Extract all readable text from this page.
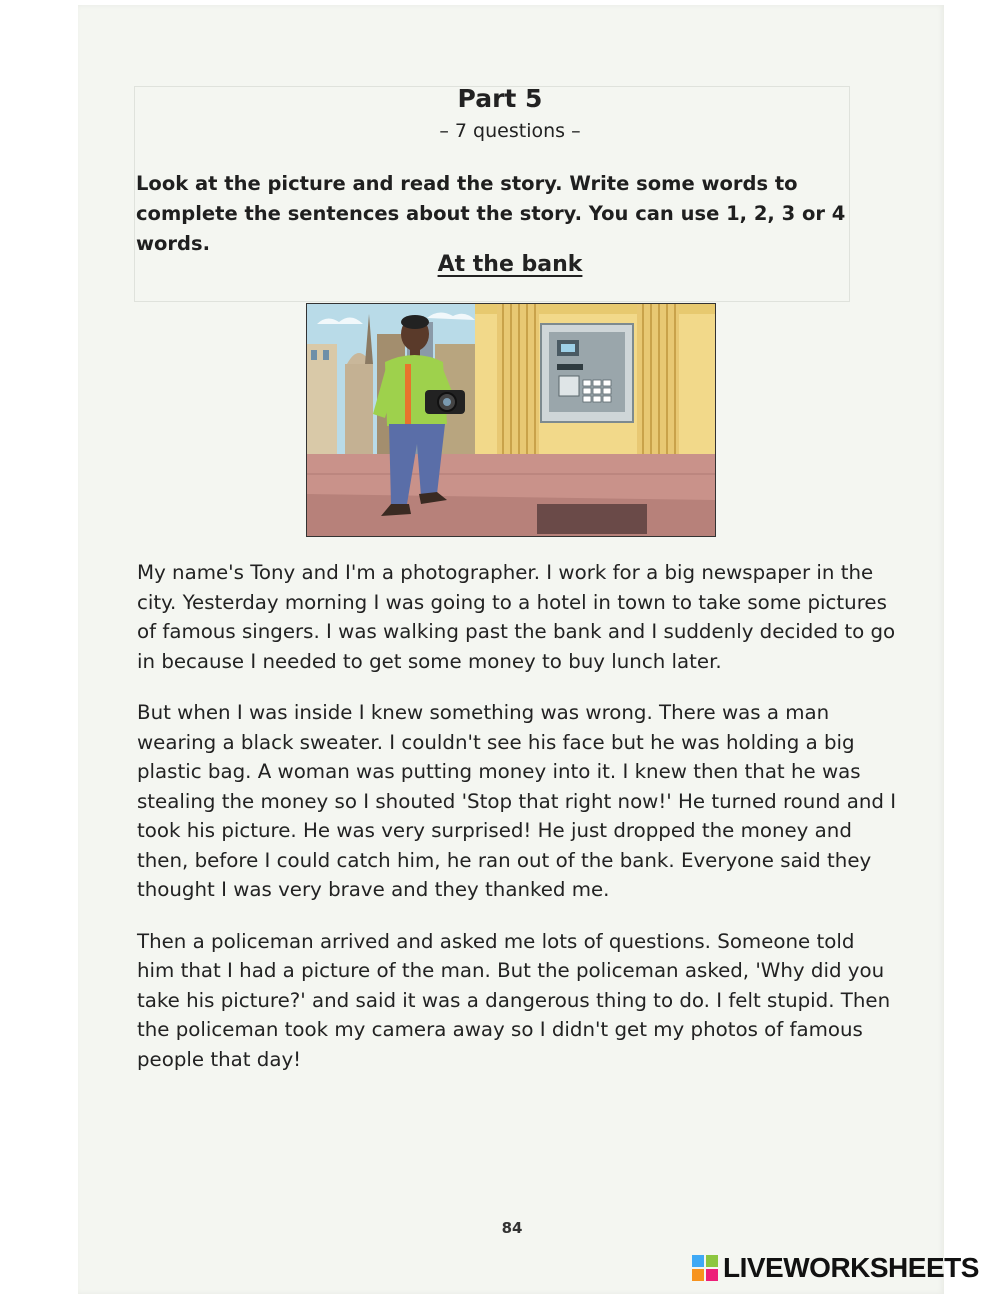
Part 5
– 7 questions –
Look at the picture and read the story. Write some words to complete the sentences about the story. You can use 1, 2, 3 or 4 words.
At the bank

My name's Tony and I'm a photographer. I work for a big newspaper in the city. Yesterday morning I was going to a hotel in town to take some pictures of famous singers. I was walking past the bank and I suddenly decided to go in because I needed to get some money to buy lunch later.

But when I was inside I knew something was wrong. There was a man wearing a black sweater. I couldn't see his face but he was holding a big plastic bag. A woman was putting money into it. I knew then that he was stealing the money so I shouted 'Stop that right now!' He turned round and I took his picture. He was very surprised! He just dropped the money and then, before I could catch him, he ran out of the bank. Everyone said they thought I was very brave and they thanked me.

Then a policeman arrived and asked me lots of questions. Someone told him that I had a picture of the man. But the policeman asked, 'Why did you take his picture?' and said it was a dangerous thing to do. I felt stupid. Then the policeman took my camera away so I didn't get my photos of famous people that day!

84
LIVEWORKSHEETS
